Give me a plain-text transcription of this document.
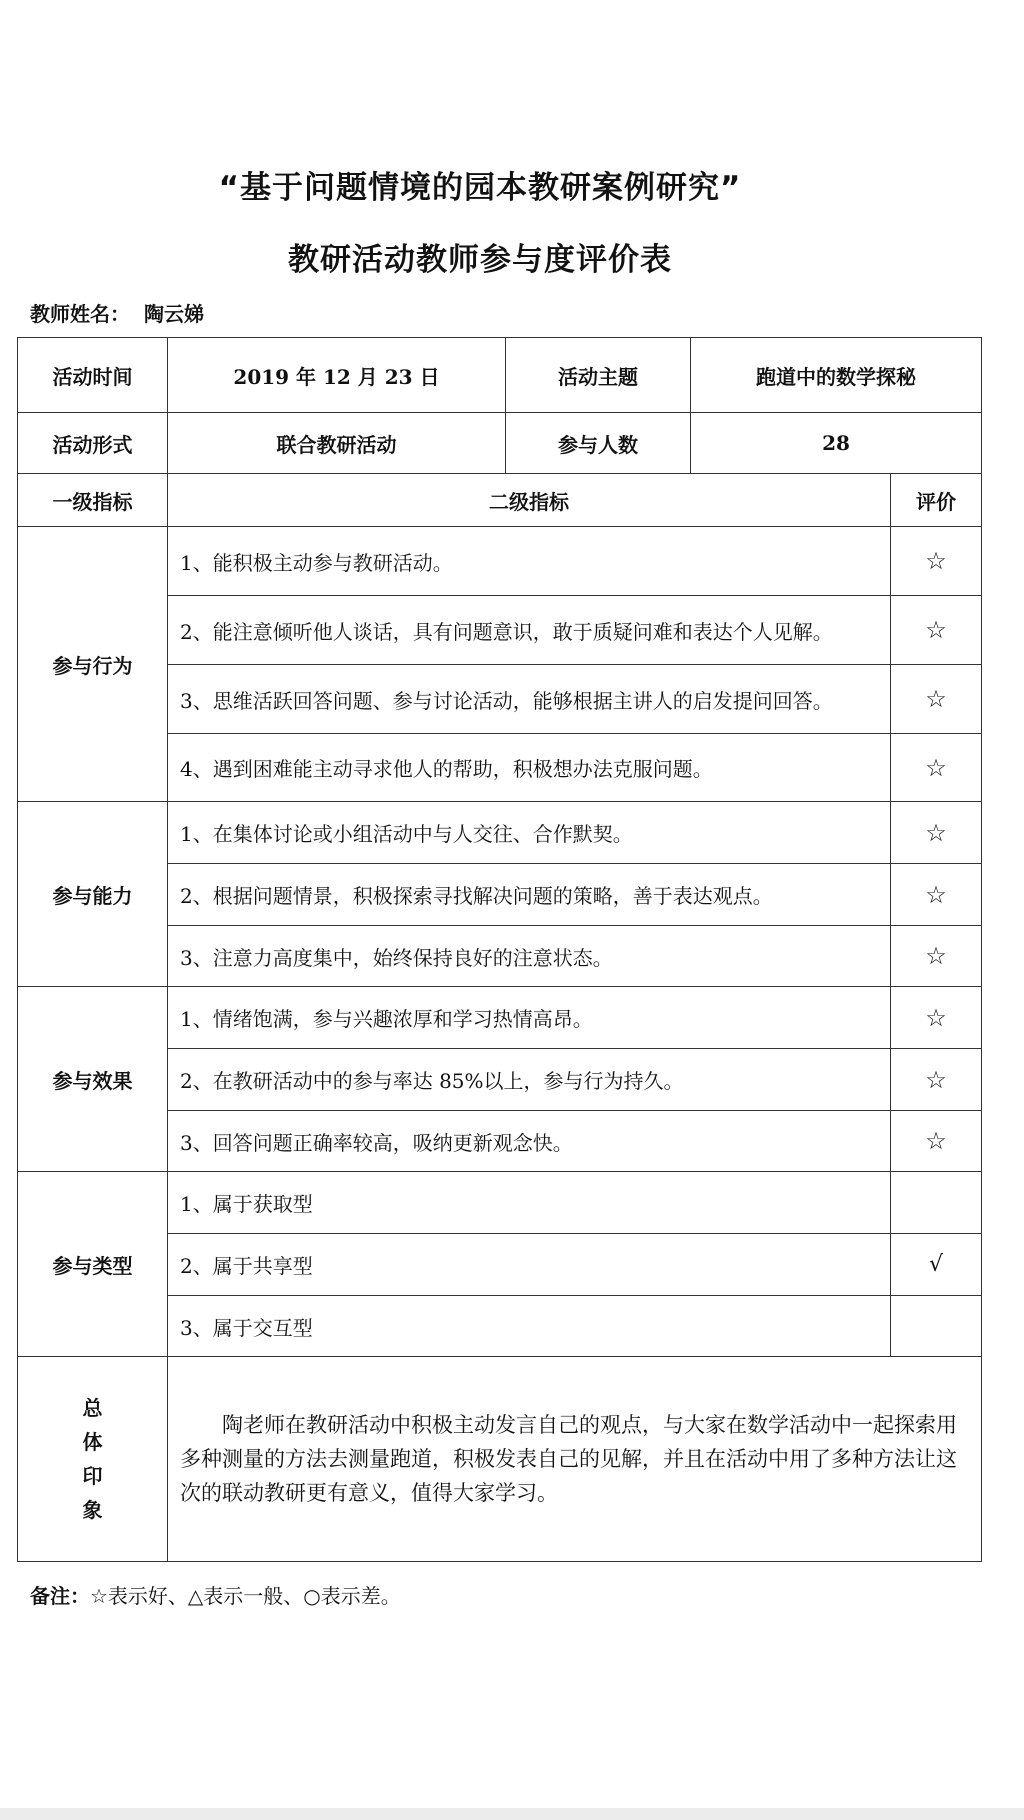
“基于问题情境的园本教研案例研究”
教研活动教师参与度评价表
教师姓名： 陶云娣
活动时间	2019 年 12 月 23 日	活动主题	跑道中的数学探秘	
活动形式	联合教研活动	参与人数	28	
一级指标	二级指标			评价
参与行为	1、能积极主动参与教研活动。			☆
	2、能注意倾听他人谈话，具有问题意识，敢于质疑问难和表达个人见解。			☆
	3、思维活跃回答问题、参与讨论活动，能够根据主讲人的启发提问回答。			☆
	4、遇到困难能主动寻求他人的帮助，积极想办法克服问题。			☆
参与能力	1、在集体讨论或小组活动中与人交往、合作默契。			☆
	2、根据问题情景，积极探索寻找解决问题的策略，善于表达观点。			☆
	3、注意力高度集中，始终保持良好的注意状态。			☆
参与效果	1、情绪饱满，参与兴趣浓厚和学习热情高昂。			☆
	2、在教研活动中的参与率达 85%以上，参与行为持久。			☆
	3、回答问题正确率较高，吸纳更新观念快。			☆
参与类型	1、属于获取型			
	2、属于共享型			√
	3、属于交互型			

总
体
印
象	陶老师在教研活动中积极主动发言自己的观点，与大家在数学活动中一起探索用多种测量的方法去测量跑道，积极发表自己的见解，并且在活动中用了多种方法让这次的联动教研更有意义，值得大家学习。			

备注：☆表示好、△表示一般、○表示差。
